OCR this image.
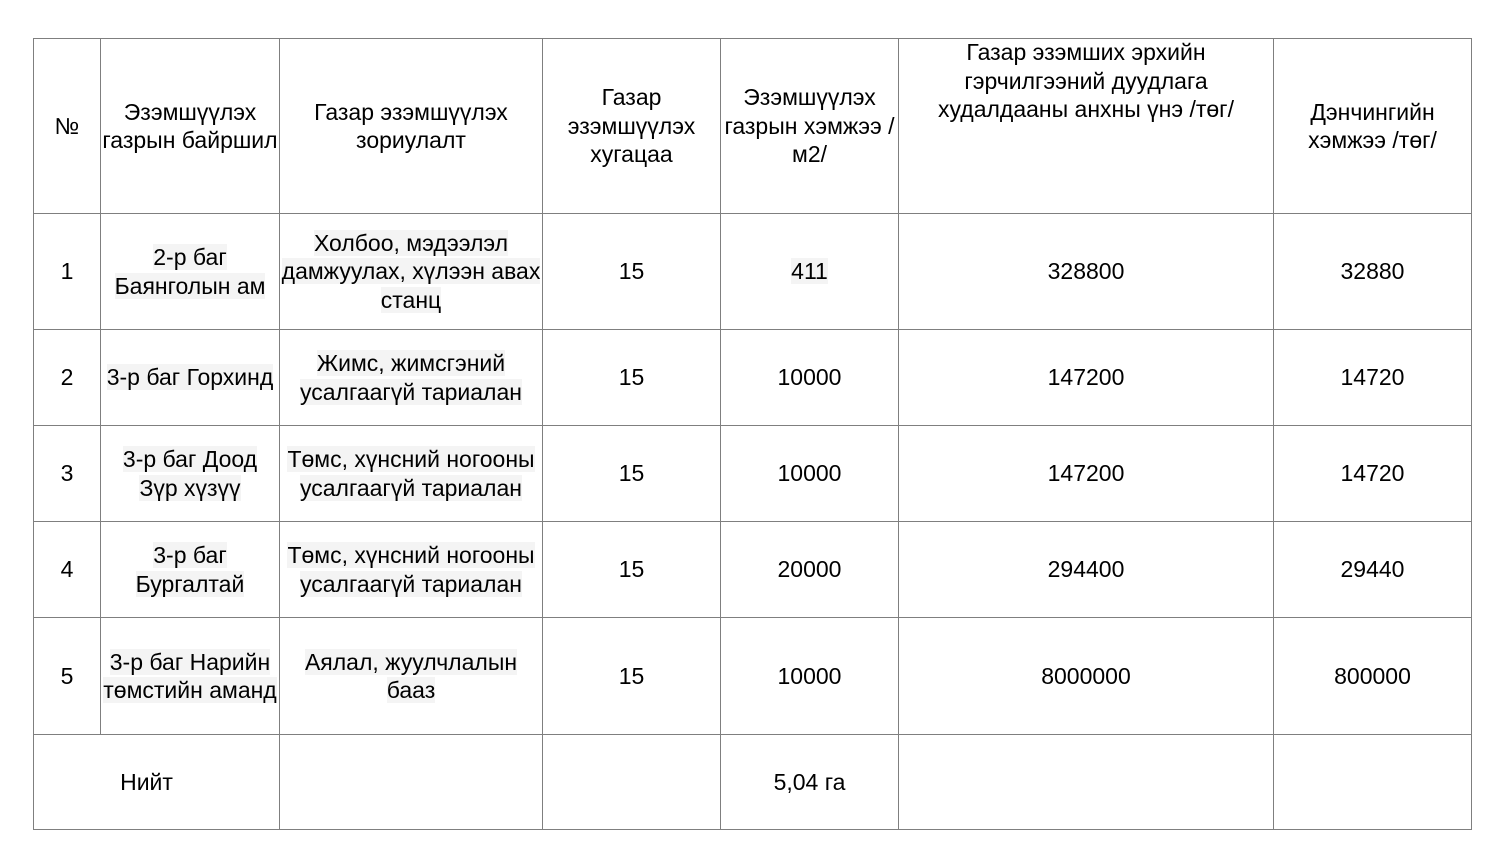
№	Эзэмшүүлэх газрын байршил	Газар эзэмшүүлэх зориулалт	Газар эзэмшүүлэх хугацаа	Эзэмшүүлэх газрын хэмжээ /м2/	Газар эзэмших эрхийн гэрчилгээний дуудлага худалдааны анхны үнэ /төг/	Дэнчингийн хэмжээ /төг/
1	2-р баг Баянголын ам	Холбоо, мэдээлэл дамжуулах, хүлээн авах станц	15	411	328800	32880
2	3-р баг Горхинд	Жимс, жимсгэний усалгаагүй тариалан	15	10000	147200	14720
3	3-р баг Доод Зүр хүзүү	Төмс, хүнсний ногооны усалгаагүй тариалан	15	10000	147200	14720
4	3-р баг Бургалтай	Төмс, хүнсний ногооны усалгаагүй тариалан	15	20000	294400	29440
5	3-р баг Нарийн төмстийн аманд	Аялал, жуулчлалын бааз	15	10000	8000000	800000
Нийт				5,04 га		
